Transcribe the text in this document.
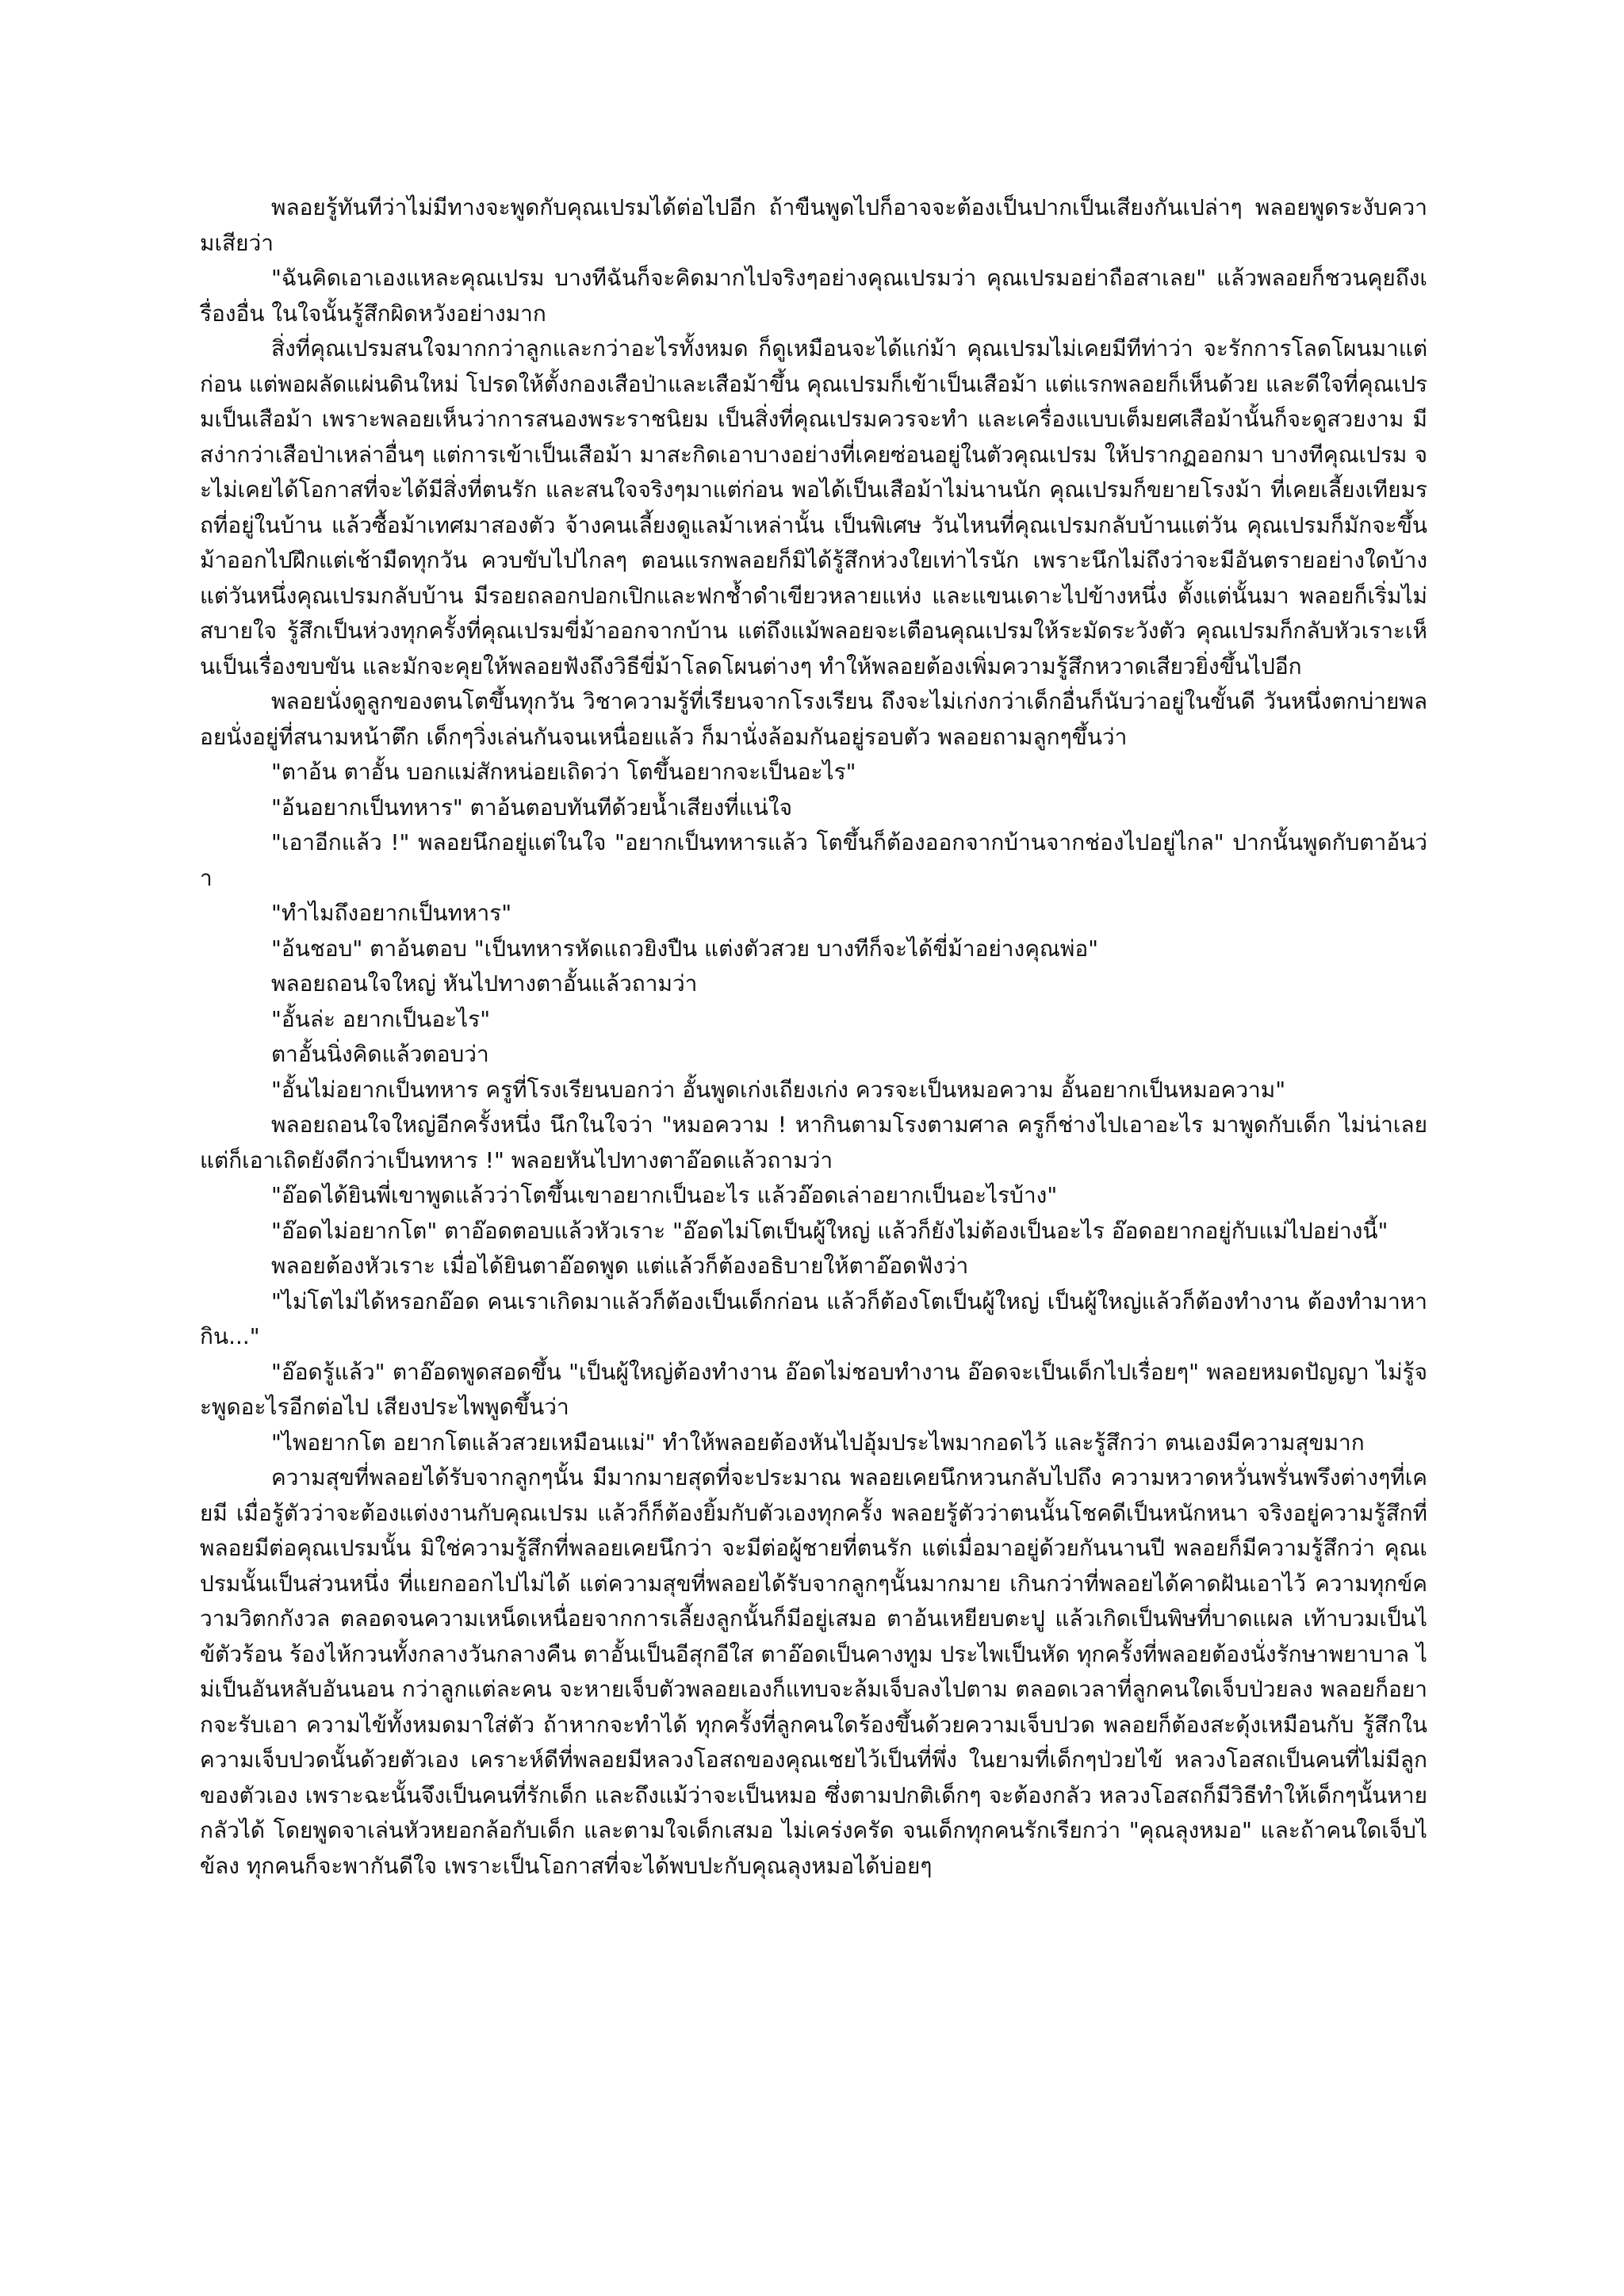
พลอยรู้ทันทีว่าไม่มีทางจะพูดกับคุณเปรมได้ต่อไปอีก ถ้าขืนพูดไปก็อาจจะต้องเป็นปากเป็นเสียงกันเปล่าๆ พลอยพูดระงับความเสียว่า

"ฉันคิดเอาเองแหละคุณเปรม บางทีฉันก็จะคิดมากไปจริงๆอย่างคุณเปรมว่า คุณเปรมอย่าถือสาเลย" แล้วพลอยก็ชวนคุยถึงเรื่องอื่น ในใจนั้นรู้สึกผิดหวังอย่างมาก

สิ่งที่คุณเปรมสนใจมากกว่าลูกและกว่าอะไรทั้งหมด ก็ดูเหมือนจะได้แก่ม้า คุณเปรมไม่เคยมีทีท่าว่า จะรักการโลดโผนมาแต่ก่อน แต่พอผลัดแผ่นดินใหม่ โปรดให้ตั้งกองเสือป่าและเสือม้าขึ้น คุณเปรมก็เข้าเป็นเสือม้า แต่แรกพลอยก็เห็นด้วย และดีใจที่คุณเปรมเป็นเสือม้า เพราะพลอยเห็นว่าการสนองพระราชนิยม เป็นสิ่งที่คุณเปรมควรจะทำ และเครื่องแบบเต็มยศเสือม้านั้นก็จะดูสวยงาม มีสง่ากว่าเสือป่าเหล่าอื่นๆ แต่การเข้าเป็นเสือม้า มาสะกิดเอาบางอย่างที่เคยซ่อนอยู่ในตัวคุณเปรม ให้ปรากฏออกมา บางทีคุณเปรม จะไม่เคยได้โอกาสที่จะได้มีสิ่งที่ตนรัก และสนใจจริงๆมาแต่ก่อน พอได้เป็นเสือม้าไม่นานนัก คุณเปรมก็ขยายโรงม้า ที่เคยเลี้ยงเทียมรถที่อยู่ในบ้าน แล้วซื้อม้าเทศมาสองตัว จ้างคนเลี้ยงดูแลม้าเหล่านั้น เป็นพิเศษ วันไหนที่คุณเปรมกลับบ้านแต่วัน คุณเปรมก็มักจะขึ้นม้าออกไปฝึกแต่เช้ามืดทุกวัน ควบขับไปไกลๆ ตอนแรกพลอยก็มิได้รู้สึกห่วงใยเท่าไรนัก เพราะนึกไม่ถึงว่าจะมีอันตรายอย่างใดบ้าง แต่วันหนึ่งคุณเปรมกลับบ้าน มีรอยถลอกปอกเปิกและฟกช้ำดำเขียวหลายแห่ง และแขนเดาะไปข้างหนึ่ง ตั้งแต่นั้นมา พลอยก็เริ่มไม่สบายใจ รู้สึกเป็นห่วงทุกครั้งที่คุณเปรมขี่ม้าออกจากบ้าน แต่ถึงแม้พลอยจะเตือนคุณเปรมให้ระมัดระวังตัว คุณเปรมก็กลับหัวเราะเห็นเป็นเรื่องขบขัน และมักจะคุยให้พลอยฟังถึงวิธีขี่ม้าโลดโผนต่างๆ ทำให้พลอยต้องเพิ่มความรู้สึกหวาดเสียวยิ่งขึ้นไปอีก

พลอยนั่งดูลูกของตนโตขึ้นทุกวัน วิชาความรู้ที่เรียนจากโรงเรียน ถึงจะไม่เก่งกว่าเด็กอื่นก็นับว่าอยู่ในขั้นดี วันหนึ่งตกบ่ายพลอยนั่งอยู่ที่สนามหน้าตึก เด็กๆวิ่งเล่นกันจนเหนื่อยแล้ว ก็มานั่งล้อมกันอยู่รอบตัว พลอยถามลูกๆขึ้นว่า

"ตาอ้น ตาอั้น บอกแม่สักหน่อยเถิดว่า โตขึ้นอยากจะเป็นอะไร"

"อ้นอยากเป็นทหาร" ตาอ้นตอบทันทีด้วยน้ำเสียงที่แน่ใจ

"เอาอีกแล้ว !" พลอยนึกอยู่แต่ในใจ "อยากเป็นทหารแล้ว โตขึ้นก็ต้องออกจากบ้านจากช่องไปอยู่ไกล" ปากนั้นพูดกับตาอ้นว่า

"ทำไมถึงอยากเป็นทหาร"

"อ้นชอบ" ตาอ้นตอบ "เป็นทหารหัดแถวยิงปืน แต่งตัวสวย บางทีก็จะได้ขี่ม้าอย่างคุณพ่อ"

พลอยถอนใจใหญ่ หันไปทางตาอั้นแล้วถามว่า

"อั้นล่ะ อยากเป็นอะไร"

ตาอั้นนิ่งคิดแล้วตอบว่า

"อั้นไม่อยากเป็นทหาร ครูที่โรงเรียนบอกว่า อั้นพูดเก่งเถียงเก่ง ควรจะเป็นหมอความ อั้นอยากเป็นหมอความ"

พลอยถอนใจใหญ่อีกครั้งหนึ่ง นึกในใจว่า "หมอความ ! หากินตามโรงตามศาล ครูก็ช่างไปเอาอะไร มาพูดกับเด็ก ไม่น่าเลย แต่ก็เอาเถิดยังดีกว่าเป็นทหาร !" พลอยหันไปทางตาอ๊อดแล้วถามว่า

"อ๊อดได้ยินพี่เขาพูดแล้วว่าโตขึ้นเขาอยากเป็นอะไร แล้วอ๊อดเล่าอยากเป็นอะไรบ้าง"

"อ๊อดไม่อยากโต" ตาอ๊อดตอบแล้วหัวเราะ "อ๊อดไม่โตเป็นผู้ใหญ่ แล้วก็ยังไม่ต้องเป็นอะไร อ๊อดอยากอยู่กับแม่ไปอย่างนี้"

พลอยต้องหัวเราะ เมื่อได้ยินตาอ๊อดพูด แต่แล้วก็ต้องอธิบายให้ตาอ๊อดฟังว่า

"ไม่โตไม่ได้หรอกอ๊อด คนเราเกิดมาแล้วก็ต้องเป็นเด็กก่อน แล้วก็ต้องโตเป็นผู้ใหญ่ เป็นผู้ใหญ่แล้วก็ต้องทำงาน ต้องทำมาหากิน..."

"อ๊อดรู้แล้ว" ตาอ๊อดพูดสอดขึ้น "เป็นผู้ใหญ่ต้องทำงาน อ๊อดไม่ชอบทำงาน อ๊อดจะเป็นเด็กไปเรื่อยๆ" พลอยหมดปัญญา ไม่รู้จะพูดอะไรอีกต่อไป เสียงประไพพูดขึ้นว่า

"ไพอยากโต อยากโตแล้วสวยเหมือนแม่" ทำให้พลอยต้องหันไปอุ้มประไพมากอดไว้ และรู้สึกว่า ตนเองมีความสุขมาก

ความสุขที่พลอยได้รับจากลูกๆนั้น มีมากมายสุดที่จะประมาณ พลอยเคยนึกหวนกลับไปถึง ความหวาดหวั่นพรั่นพรึงต่างๆที่เคยมี เมื่อรู้ตัวว่าจะต้องแต่งงานกับคุณเปรม แล้วก็ก็ต้องยิ้มกับตัวเองทุกครั้ง พลอยรู้ตัวว่าตนนั้นโชคดีเป็นหนักหนา จริงอยู่ความรู้สึกที่พลอยมีต่อคุณเปรมนั้น มิใช่ความรู้สึกที่พลอยเคยนึกว่า จะมีต่อผู้ชายที่ตนรัก แต่เมื่อมาอยู่ด้วยกันนานปี พลอยก็มีความรู้สึกว่า คุณเปรมนั้นเป็นส่วนหนึ่ง ที่แยกออกไปไม่ได้ แต่ความสุขที่พลอยได้รับจากลูกๆนั้นมากมาย เกินกว่าที่พลอยได้คาดฝันเอาไว้ ความทุกข์ความวิตกกังวล ตลอดจนความเหน็ดเหนื่อยจากการเลี้ยงลูกนั้นก็มีอยู่เสมอ ตาอ้นเหยียบตะปู แล้วเกิดเป็นพิษที่บาดแผล เท้าบวมเป็นไข้ตัวร้อน ร้องไห้กวนทั้งกลางวันกลางคืน ตาอั้นเป็นอีสุกอีใส ตาอ๊อดเป็นคางทูม ประไพเป็นหัด ทุกครั้งที่พลอยต้องนั่งรักษาพยาบาล ไม่เป็นอันหลับอันนอน กว่าลูกแต่ละคน จะหายเจ็บตัวพลอยเองก็แทบจะล้มเจ็บลงไปตาม ตลอดเวลาที่ลูกคนใดเจ็บป่วยลง พลอยก็อยากจะรับเอา ความไข้ทั้งหมดมาใส่ตัว ถ้าหากจะทำได้ ทุกครั้งที่ลูกคนใดร้องขึ้นด้วยความเจ็บปวด พลอยก็ต้องสะดุ้งเหมือนกับ รู้สึกในความเจ็บปวดนั้นด้วยตัวเอง เคราะห์ดีที่พลอยมีหลวงโอสถของคุณเชยไว้เป็นที่พึ่ง ในยามที่เด็กๆป่วยไข้ หลวงโอสถเป็นคนที่ไม่มีลูกของตัวเอง เพราะฉะนั้นจึงเป็นคนที่รักเด็ก และถึงแม้ว่าจะเป็นหมอ ซึ่งตามปกติเด็กๆ จะต้องกลัว หลวงโอสถก็มีวิธีทำให้เด็กๆนั้นหายกลัวได้ โดยพูดจาเล่นหัวหยอกล้อกับเด็ก และตามใจเด็กเสมอ ไม่เคร่งครัด จนเด็กทุกคนรักเรียกว่า "คุณลุงหมอ" และถ้าคนใดเจ็บไข้ลง ทุกคนก็จะพากันดีใจ เพราะเป็นโอกาสที่จะได้พบปะกับคุณลุงหมอได้บ่อยๆ
